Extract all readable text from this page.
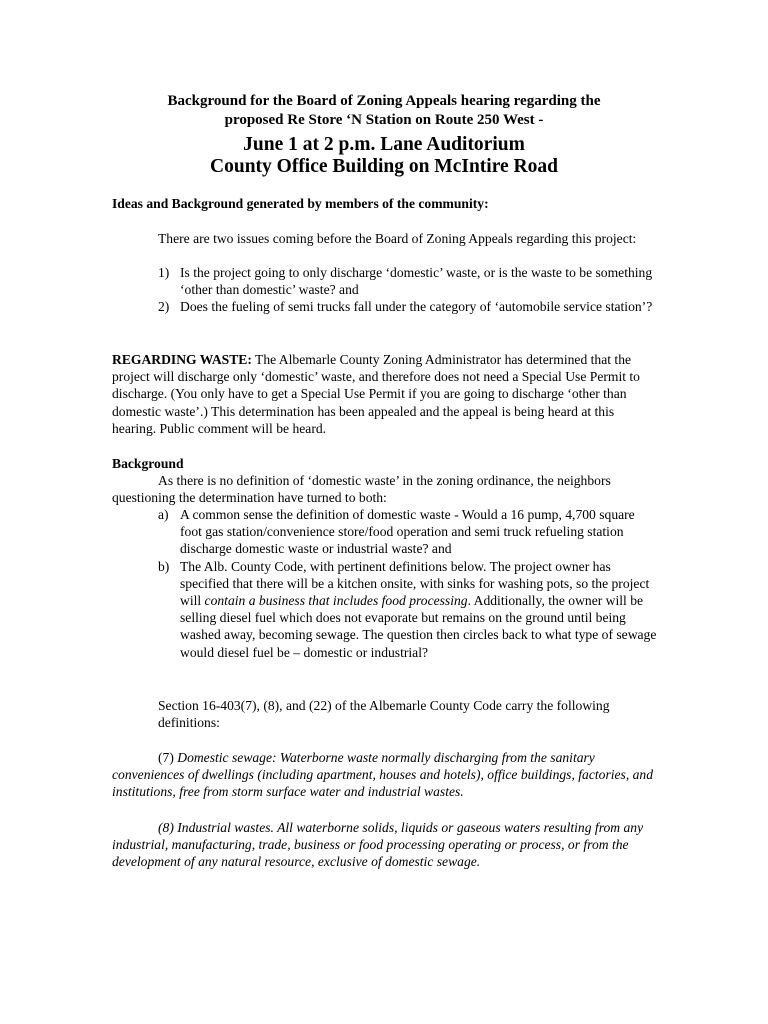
Background for the Board of Zoning Appeals hearing regarding the
proposed Re Store ‘N Station on Route 250 West -
June 1 at 2 p.m. Lane Auditorium
County Office Building on McIntire Road

Ideas and Background generated by members of the community:

There are two issues coming before the Board of Zoning Appeals regarding this project:

1) Is the project going to only discharge ‘domestic’ waste, or is the waste to be something ‘other than domestic’ waste? and
2) Does the fueling of semi trucks fall under the category of ‘automobile service station’?

REGARDING WASTE: The Albemarle County Zoning Administrator has determined that the project will discharge only ‘domestic’ waste, and therefore does not need a Special Use Permit to discharge. (You only have to get a Special Use Permit if you are going to discharge ‘other than domestic waste’.) This determination has been appealed and the appeal is being heard at this hearing. Public comment will be heard.

Background

As there is no definition of ‘domestic waste’ in the zoning ordinance, the neighbors questioning the determination have turned to both:

a) A common sense the definition of domestic waste - Would a 16 pump, 4,700 square foot gas station/convenience store/food operation and semi truck refueling station discharge domestic waste or industrial waste? and
b) The Alb. County Code, with pertinent definitions below. The project owner has specified that there will be a kitchen onsite, with sinks for washing pots, so the project will contain a business that includes food processing. Additionally, the owner will be selling diesel fuel which does not evaporate but remains on the ground until being washed away, becoming sewage. The question then circles back to what type of sewage would diesel fuel be – domestic or industrial?

Section 16-403(7), (8), and (22) of the Albemarle County Code carry the following definitions:

(7) Domestic sewage: Waterborne waste normally discharging from the sanitary conveniences of dwellings (including apartment, houses and hotels), office buildings, factories, and institutions, free from storm surface water and industrial wastes.

(8) Industrial wastes. All waterborne solids, liquids or gaseous waters resulting from any industrial, manufacturing, trade, business or food processing operating or process, or from the development of any natural resource, exclusive of domestic sewage.
